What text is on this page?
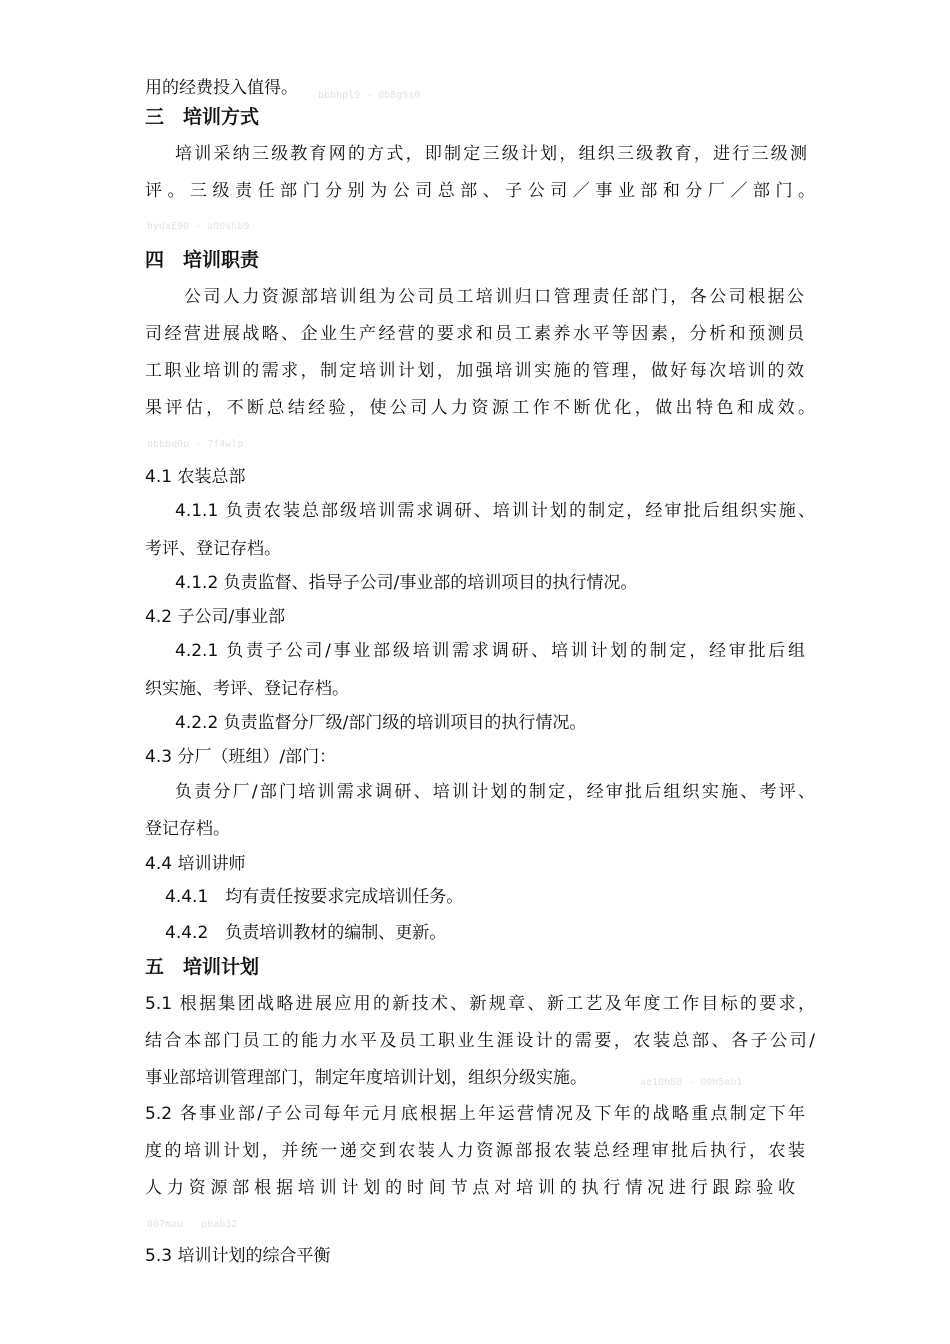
用的经费投入值得。 bbbhpl9 - 0b8g5s0
三　培训方式
培训采纳三级教育网的方式，即制定三级计划，组织三级教育，进行三级测
评。三级责任部门分别为公司总部、子公司／事业部和分厂／部门。
hydxE90 - a00shb9
四　培训职责
公司人力资源部培训组为公司员工培训归口管理责任部门，各公司根据公
司经营进展战略、企业生产经营的要求和员工素养水平等因素，分析和预测员
工职业培训的需求，制定培训计划，加强培训实施的管理，做好每次培训的效
果评估，不断总结经验，使公司人力资源工作不断优化，做出特色和成效。
nbbbq0u - 7f4wlp
4.1 农装总部
4.1.1 负责农装总部级培训需求调研、培训计划的制定，经审批后组织实施、
考评、登记存档。
4.1.2 负责监督、指导子公司/事业部的培训项目的执行情况。
4.2 子公司/事业部
4.2.1 负责子公司/事业部级培训需求调研、培训计划的制定，经审批后组
织实施、考评、登记存档。
4.2.2 负责监督分厂级/部门级的培训项目的执行情况。
4.3 分厂（班组）/部门：
负责分厂/部门培训需求调研、培训计划的制定，经审批后组织实施、考评、
登记存档。
4.4 培训讲师
4.4.1　均有责任按要求完成培训任务。
4.4.2　负责培训教材的编制、更新。
五　培训计划
5.1 根据集团战略进展应用的新技术、新规章、新工艺及年度工作目标的要求，
结合本部门员工的能力水平及员工职业生涯设计的需要，农装总部、各子公司/
事业部培训管理部门，制定年度培训计划，组织分级实施。	ae10h80 - 00H5ab1
5.2 各事业部/子公司每年元月底根据上年运营情况及下年的战略重点制定下年
度的培训计划，并统一递交到农装人力资源部报农装总经理审批后执行，农装
人力资源部根据培训计划的时间节点对培训的执行情况进行跟踪验收
007mau - pbab32
5.3 培训计划的综合平衡
